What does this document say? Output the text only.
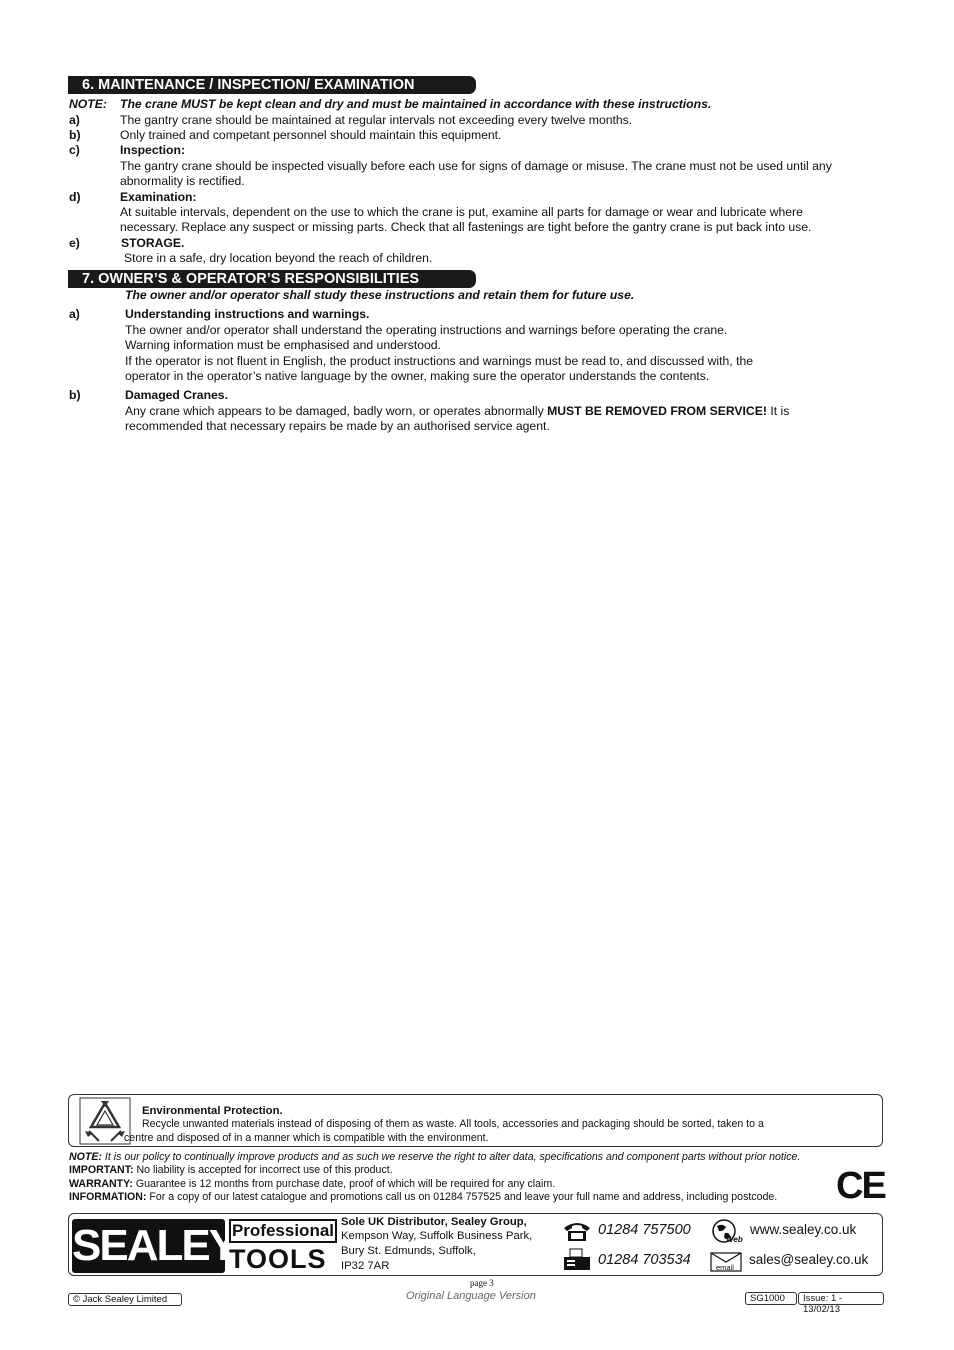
6. MAINTENANCE / INSPECTION/ EXAMINATION
NOTE: The crane MUST be kept clean and dry and must be maintained in accordance with these instructions.
a)	The gantry crane should be maintained at regular intervals not exceeding every twelve months.
b)	Only trained and competant personnel should maintain this equipment.
c)	Inspection:
The gantry crane should be inspected visually before each use for signs of damage or misuse. The crane must not be used until any
abnormality is rectified.
d)	Examination:
At suitable intervals, dependent on the use to which the crane is put, examine all parts for damage or wear and lubricate where
necessary. Replace any suspect or missing parts. Check that all fastenings are tight before the gantry crane is put back into use.
e)	STORAGE.
Store in a safe, dry location beyond the reach of children.
7. OWNER’S & OPERATOR’S RESPONSIBILITIES
The owner and/or operator shall study these instructions and retain them for future use.
a)	Understanding instructions and warnings.
The owner and/or operator shall understand the operating instructions and warnings before operating the crane.
Warning information must be emphasised and understood.
If the operator is not fluent in English, the product instructions and warnings must be read to, and discussed with, the
operator in the operator’s native language by the owner, making sure the operator understands the contents.
b)	Damaged Cranes.
Any crane which appears to be damaged, badly worn, or operates abnormally MUST BE REMOVED FROM SERVICE! It is
recommended that necessary repairs be made by an authorised service agent.
Environmental Protection.
Recycle unwanted materials instead of disposing of them as waste. All tools, accessories and packaging should be sorted, taken to a
centre and disposed of in a manner which is compatible with the environment.
NOTE: It is our policy to continually improve products and as such we reserve the right to alter data, specifications and component parts without prior notice.
IMPORTANT: No liability is accepted for incorrect use of this product.
WARRANTY: Guarantee is 12 months from purchase date, proof of which will be required for any claim.
INFORMATION: For a copy of our latest catalogue and promotions call us on 01284 757525 and leave your full name and address, including postcode. CE
SEALEY
Professional
TOOLS
Sole UK Distributor, Sealey Group,
Kempson Way, Suffolk Business Park,
Bury St. Edmunds, Suffolk,
IP32 7AR
01284 757500
01284 703534
Web
www.sealey.co.uk
email
sales@sealey.co.uk
© Jack Sealey Limited
page 3
Original Language Version	SG1000	Issue: 1 - 13/02/13
